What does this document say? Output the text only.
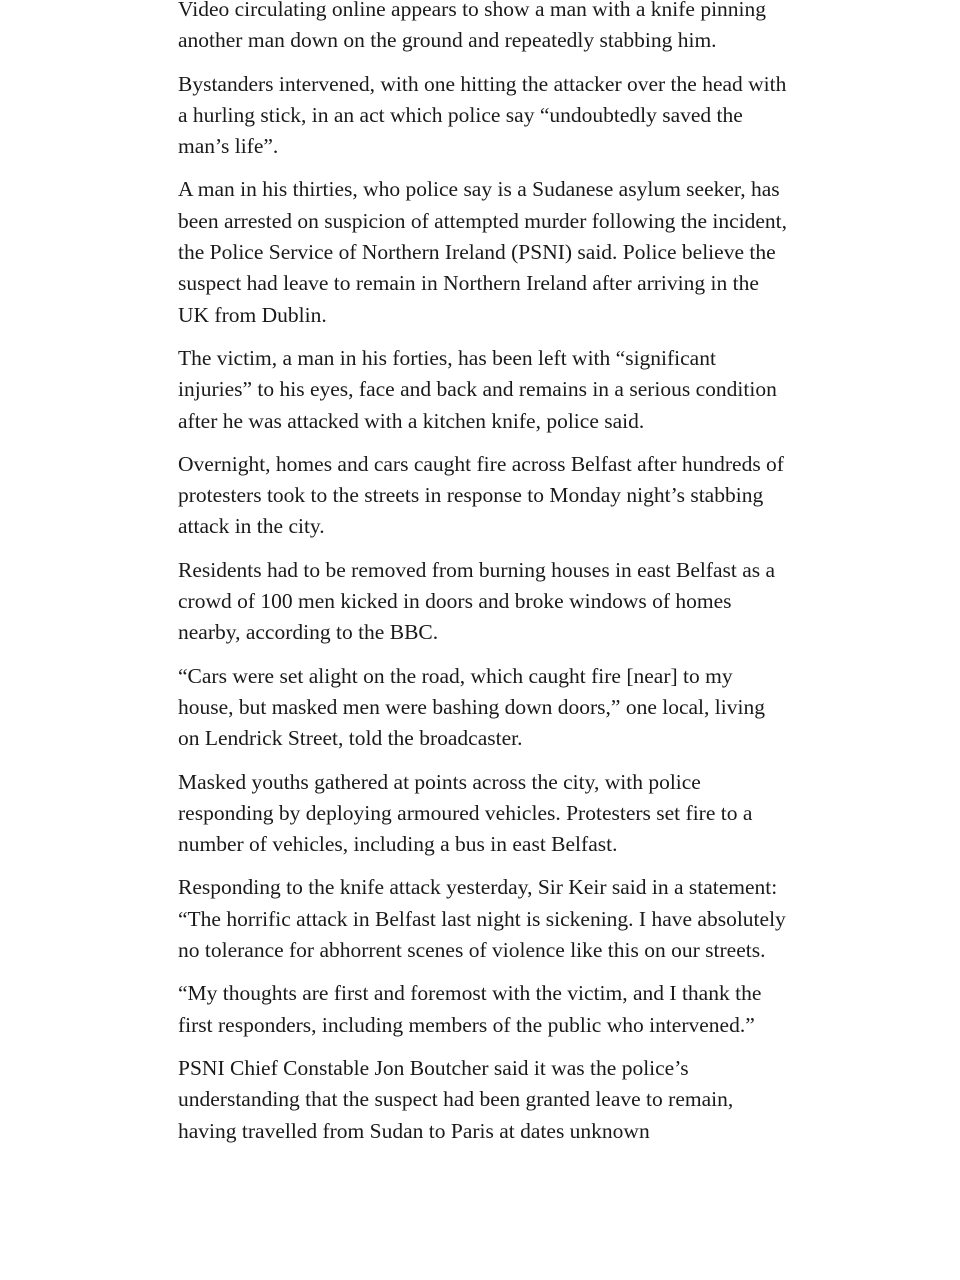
Video circulating online appears to show a man with a knife pinning another man down on the ground and repeatedly stabbing him.

Bystanders intervened, with one hitting the attacker over the head with a hurling stick, in an act which police say “undoubtedly saved the man’s life”.

A man in his thirties, who police say is a Sudanese asylum seeker, has been arrested on suspicion of attempted murder following the incident, the Police Service of Northern Ireland (PSNI) said. Police believe the suspect had leave to remain in Northern Ireland after arriving in the UK from Dublin.

The victim, a man in his forties, has been left with “significant injuries” to his eyes, face and back and remains in a serious condition after he was attacked with a kitchen knife, police said.

Overnight, homes and cars caught fire across Belfast after hundreds of protesters took to the streets in response to Monday night’s stabbing attack in the city.

Residents had to be removed from burning houses in east Belfast as a crowd of 100 men kicked in doors and broke windows of homes nearby, according to the BBC.

“Cars were set alight on the road, which caught fire [near] to my house, but masked men were bashing down doors,” one local, living on Lendrick Street, told the broadcaster.

Masked youths gathered at points across the city, with police responding by deploying armoured vehicles. Protesters set fire to a number of vehicles, including a bus in east Belfast.

Responding to the knife attack yesterday, Sir Keir said in a statement: “The horrific attack in Belfast last night is sickening. I have absolutely no tolerance for abhorrent scenes of violence like this on our streets.

“My thoughts are first and foremost with the victim, and I thank the first responders, including members of the public who intervened.”

PSNI Chief Constable Jon Boutcher said it was the police’s understanding that the suspect had been granted leave to remain, having travelled from Sudan to Paris at dates unknown
